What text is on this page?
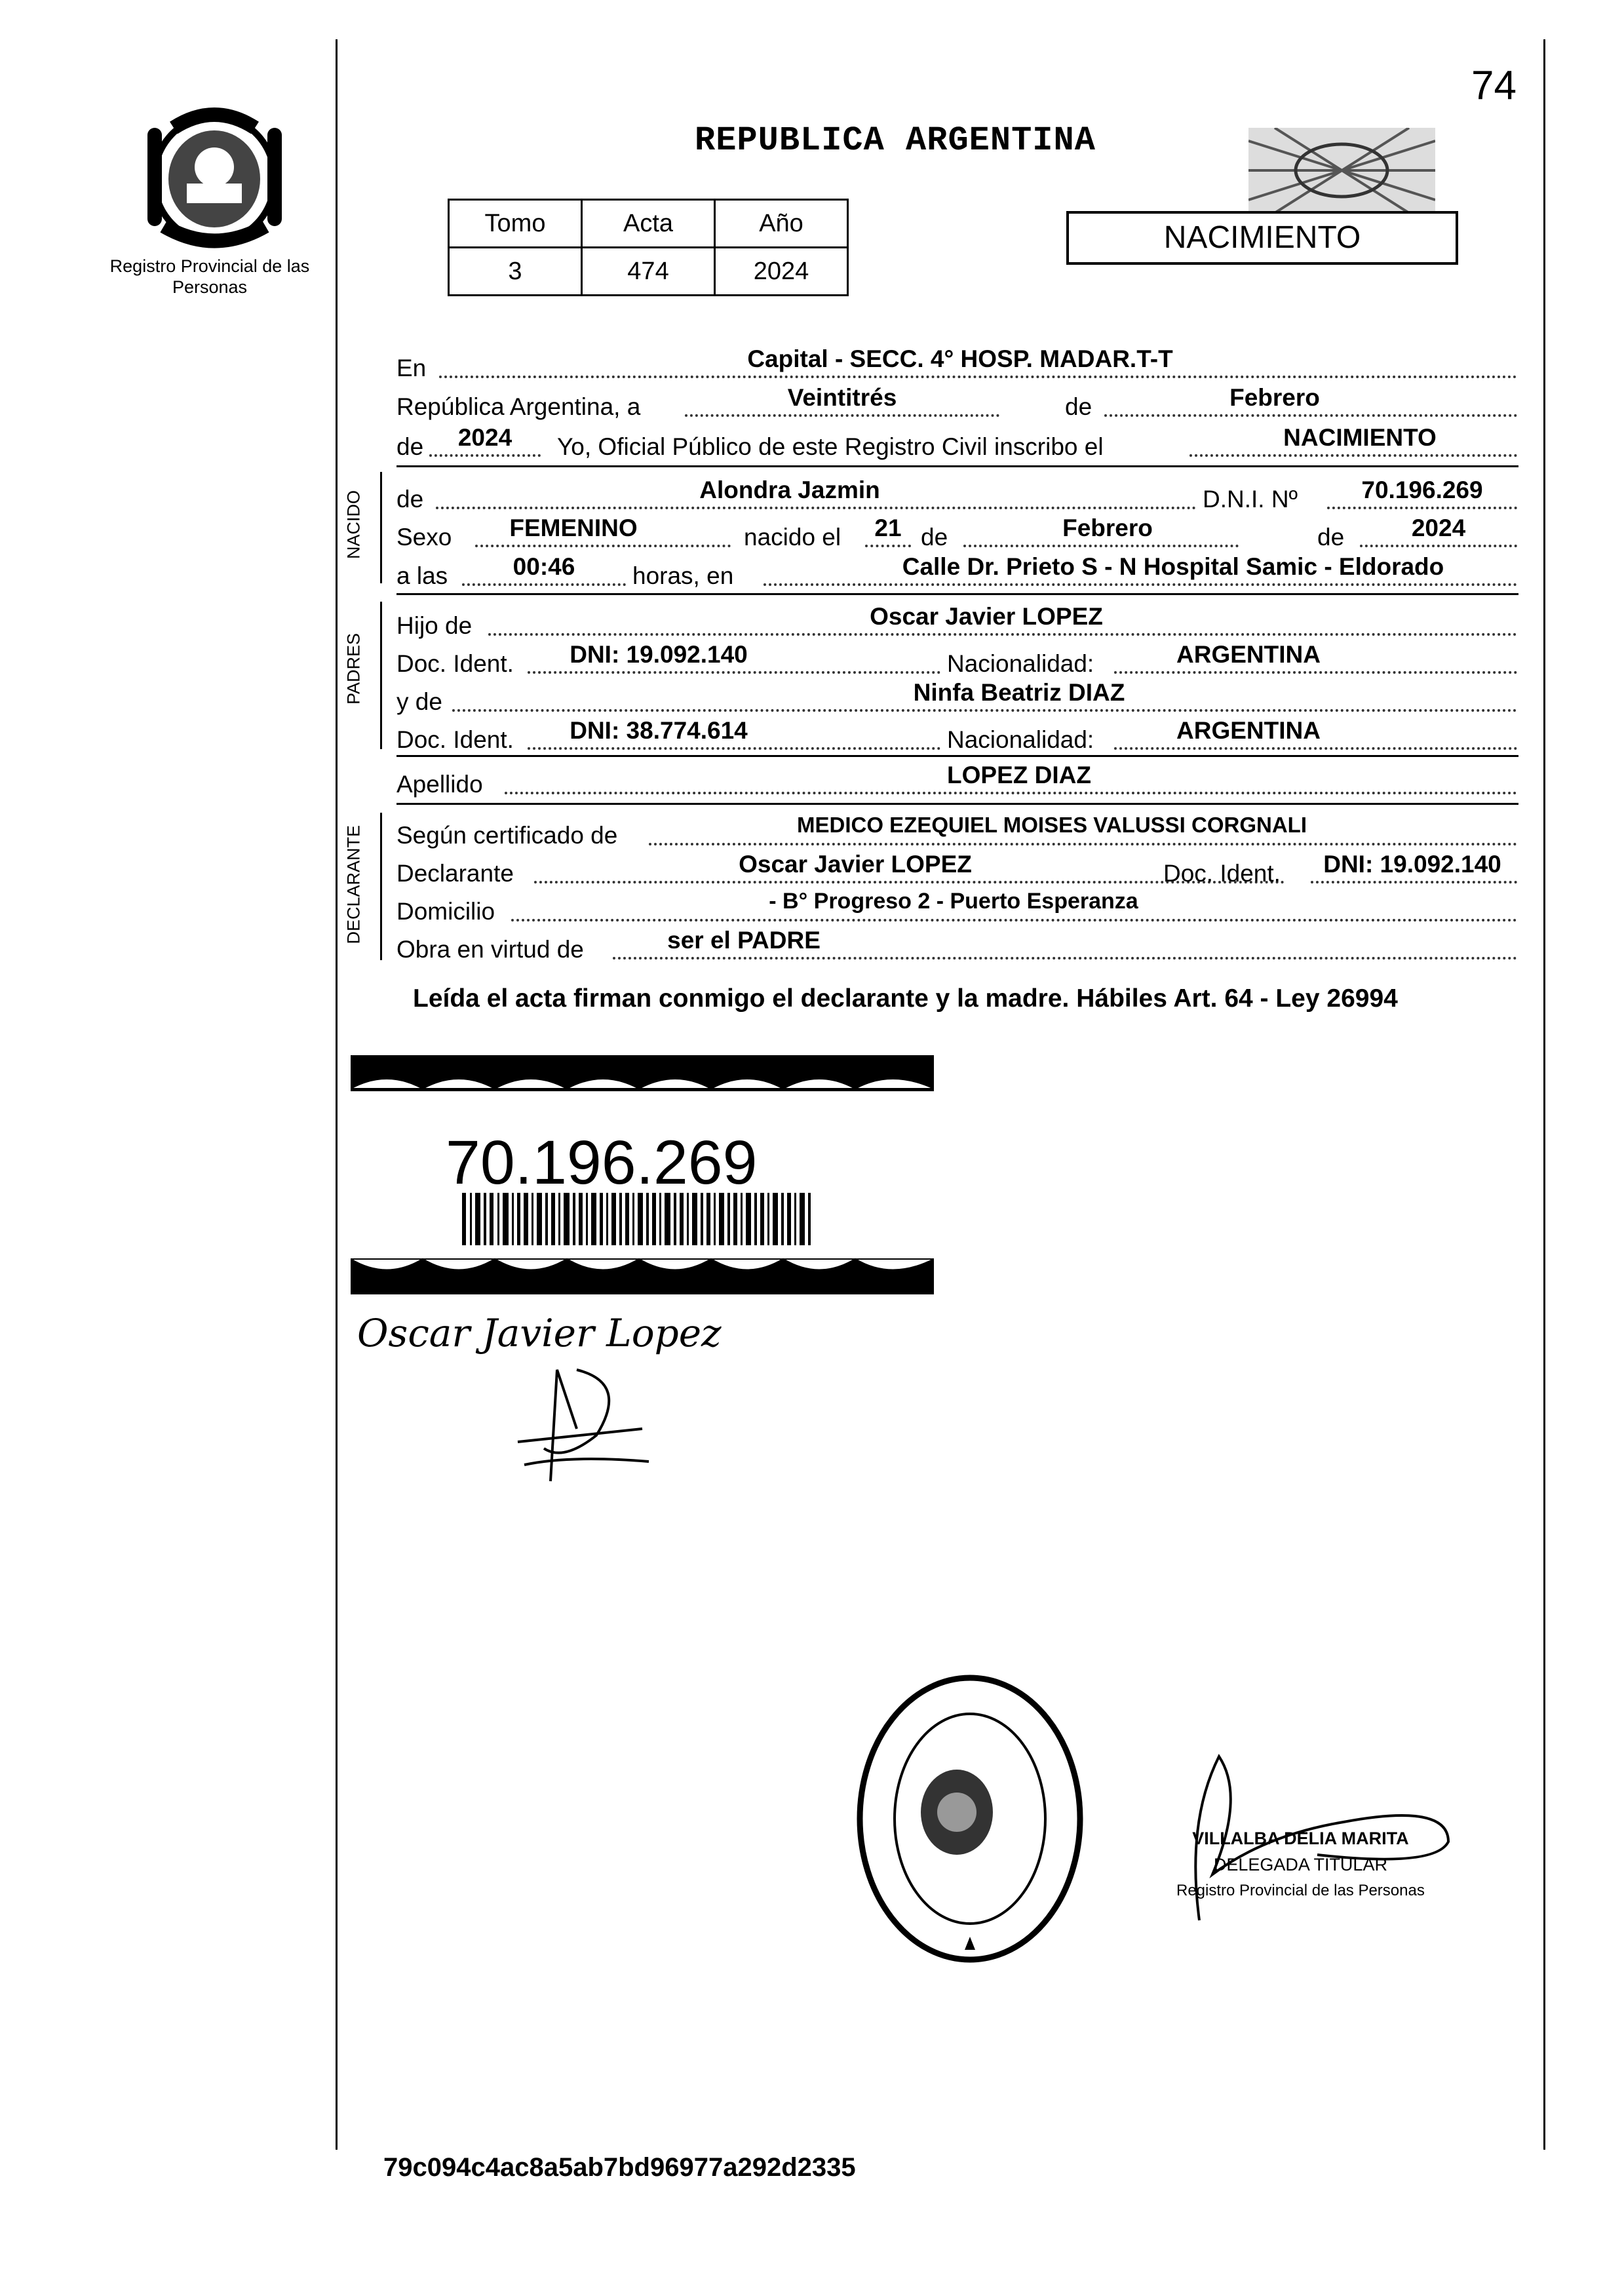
Registro Provincial de las Personas
74
REPUBLICA ARGENTINA
Tomo	Acta	Año
3	474	2024
NACIMIENTO
En	Capital - SECC. 4° HOSP. MADAR.T-T
República Argentina, a	Veintitrés	de	Febrero
de	2024	Yo, Oficial Público de este Registro Civil inscribo el	NACIMIENTO
NACIDO de	Alondra Jazmin	D.N.I. Nº	70.196.269
Sexo	FEMENINO	nacido el	21 de	Febrero	de	2024
a las	00:46	horas, en	Calle Dr. Prieto S - N Hospital Samic - Eldorado
PADRES
Hijo de	Oscar Javier LOPEZ
Doc. Ident.	DNI: 19.092.140	Nacionalidad:	ARGENTINA
y de	Ninfa Beatriz DIAZ
Doc. Ident.	DNI: 38.774.614	Nacionalidad:	ARGENTINA
Apellido	LOPEZ DIAZ
DECLARANTE Según certificado de	MEDICO EZEQUIEL MOISES VALUSSI CORGNALI
Declarante	Oscar Javier LOPEZ	Doc. Ident.	DNI: 19.092.140
Domicilio	- B° Progreso 2 - Puerto Esperanza
Obra en virtud de	ser el PADRE
Leída el acta firman conmigo el declarante y la madre. Hábiles Art. 64 - Ley 26994
70.196.269
Oscar Javier Lopez
VILLALBA DELIA MARITA
DELEGADA TITULAR
Registro Provincial de las Personas
79c094c4ac8a5ab7bd96977a292d2335
